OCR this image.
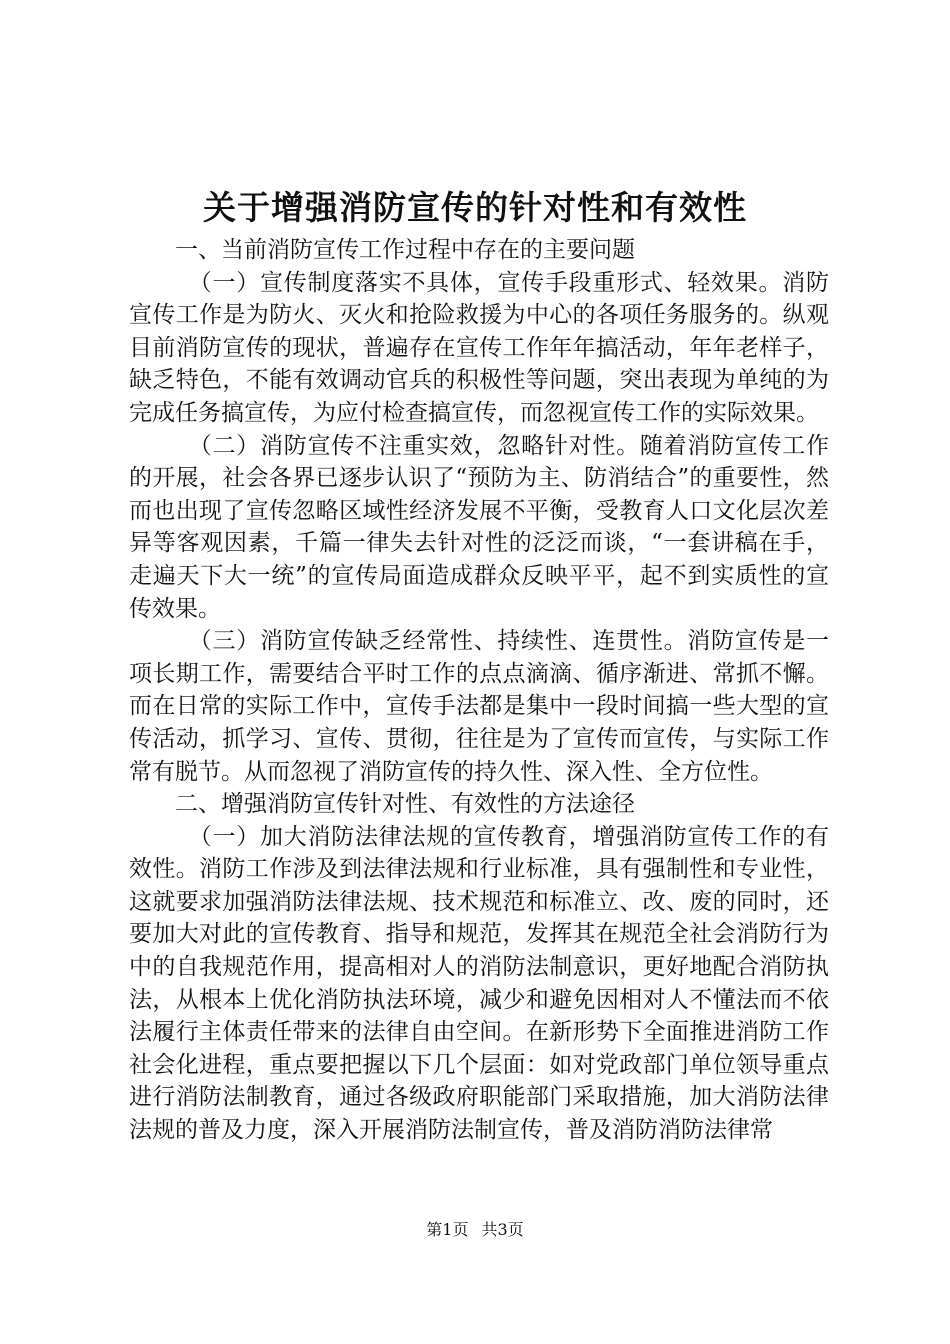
关于增强消防宣传的针对性和有效性

一、当前消防宣传工作过程中存在的主要问题

（一）宣传制度落实不具体，宣传手段重形式、轻效果。消防宣传工作是为防火、灭火和抢险救援为中心的各项任务服务的。纵观目前消防宣传的现状，普遍存在宣传工作年年搞活动，年年老样子，缺乏特色，不能有效调动官兵的积极性等问题，突出表现为单纯的为完成任务搞宣传，为应付检查搞宣传，而忽视宣传工作的实际效果。

（二）消防宣传不注重实效，忽略针对性。随着消防宣传工作的开展，社会各界已逐步认识了“预防为主、防消结合”的重要性，然而也出现了宣传忽略区域性经济发展不平衡，受教育人口文化层次差异等客观因素，千篇一律失去针对性的泛泛而谈，“一套讲稿在手，走遍天下大一统”的宣传局面造成群众反映平平，起不到实质性的宣传效果。

（三）消防宣传缺乏经常性、持续性、连贯性。消防宣传是一项长期工作，需要结合平时工作的点点滴滴、循序渐进、常抓不懈。而在日常的实际工作中，宣传手法都是集中一段时间搞一些大型的宣传活动，抓学习、宣传、贯彻，往往是为了宣传而宣传，与实际工作常有脱节。从而忽视了消防宣传的持久性、深入性、全方位性。

二、增强消防宣传针对性、有效性的方法途径

（一）加大消防法律法规的宣传教育，增强消防宣传工作的有效性。消防工作涉及到法律法规和行业标准，具有强制性和专业性，这就要求加强消防法律法规、技术规范和标准立、改、废的同时，还要加大对此的宣传教育、指导和规范，发挥其在规范全社会消防行为中的自我规范作用，提高相对人的消防法制意识，更好地配合消防执法，从根本上优化消防执法环境，减少和避免因相对人不懂法而不依法履行主体责任带来的法律自由空间。在新形势下全面推进消防工作社会化进程，重点要把握以下几个层面：如对党政部门单位领导重点进行消防法制教育，通过各级政府职能部门采取措施，加大消防法律法规的普及力度，深入开展消防法制宣传，普及消防消防法律常

第1页 共3页
